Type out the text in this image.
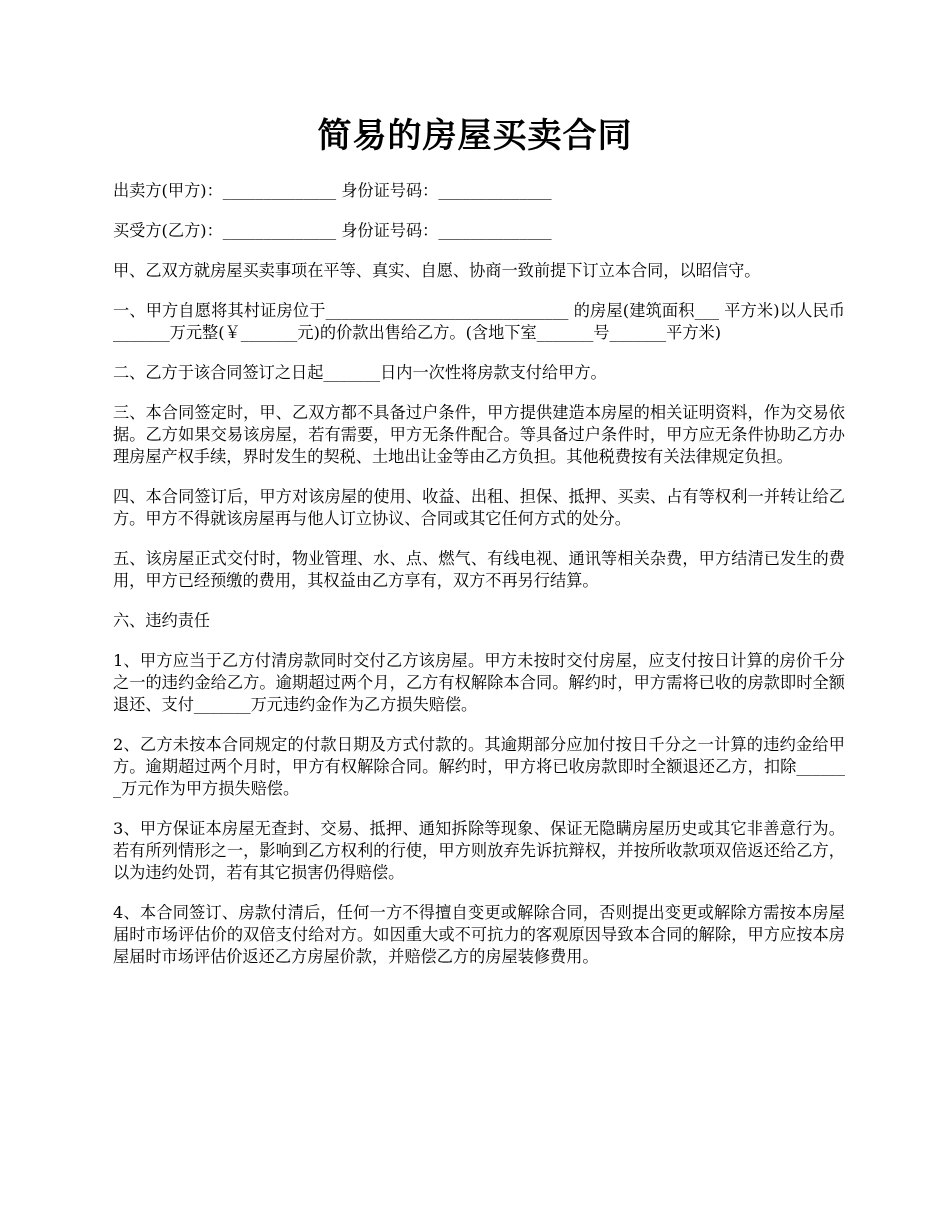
简易的房屋买卖合同

出卖方(甲方)：______________ 身份证号码：______________

买受方(乙方)：______________ 身份证号码：______________

甲、乙双方就房屋买卖事项在平等、真实、自愿、协商一致前提下订立本合同，以昭信守。

一、甲方自愿将其村证房位于______________________________ 的房屋(建筑面积___ 平方米)以人民币_______万元整(￥_______元)的价款出售给乙方。(含地下室_______号_______平方米)

二、乙方于该合同签订之日起_______日内一次性将房款支付给甲方。

三、本合同签定时，甲、乙双方都不具备过户条件，甲方提供建造本房屋的相关证明资料，作为交易依据。乙方如果交易该房屋，若有需要，甲方无条件配合。等具备过户条件时，甲方应无条件协助乙方办理房屋产权手续，界时发生的契税、土地出让金等由乙方负担。其他税费按有关法律规定负担。

四、本合同签订后，甲方对该房屋的使用、收益、出租、担保、抵押、买卖、占有等权利一并转让给乙方。甲方不得就该房屋再与他人订立协议、合同或其它任何方式的处分。

五、该房屋正式交付时，物业管理、水、点、燃气、有线电视、通讯等相关杂费，甲方结清已发生的费用，甲方已经预缴的费用，其权益由乙方享有，双方不再另行结算。

六、违约责任

1、甲方应当于乙方付清房款同时交付乙方该房屋。甲方未按时交付房屋，应支付按日计算的房价千分之一的违约金给乙方。逾期超过两个月，乙方有权解除本合同。解约时，甲方需将已收的房款即时全额退还、支付_______万元违约金作为乙方损失赔偿。

2、乙方未按本合同规定的付款日期及方式付款的。其逾期部分应加付按日千分之一计算的违约金给甲方。逾期超过两个月时，甲方有权解除合同。解约时，甲方将已收房款即时全额退还乙方，扣除_______万元作为甲方损失赔偿。

3、甲方保证本房屋无查封、交易、抵押、通知拆除等现象、保证无隐瞒房屋历史或其它非善意行为。若有所列情形之一，影响到乙方权利的行使，甲方则放弃先诉抗辩权，并按所收款项双倍返还给乙方，以为违约处罚，若有其它损害仍得赔偿。

4、本合同签订、房款付清后，任何一方不得擅自变更或解除合同，否则提出变更或解除方需按本房屋届时市场评估价的双倍支付给对方。如因重大或不可抗力的客观原因导致本合同的解除，甲方应按本房屋届时市场评估价返还乙方房屋价款，并赔偿乙方的房屋装修费用。
